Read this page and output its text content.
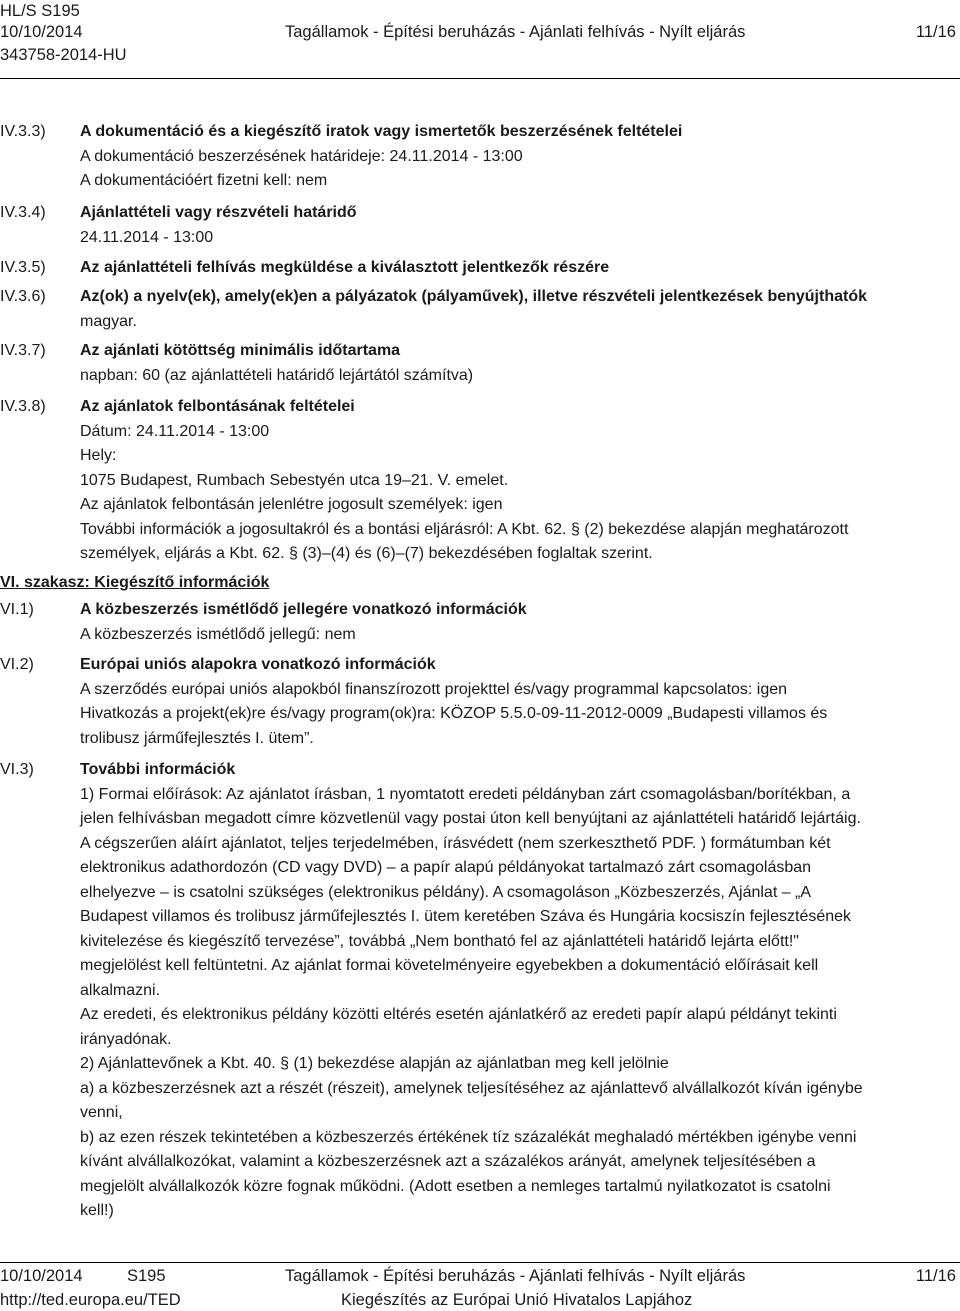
HL/S S195
10/10/2014	Tagállamok - Építési beruházás - Ajánlati felhívás - Nyílt eljárás	11/16
343758-2014-HU
IV.3.3) A dokumentáció és a kiegészítő iratok vagy ismertetők beszerzésének feltételei
A dokumentáció beszerzésének határideje: 24.11.2014 - 13:00
A dokumentációért fizetni kell: nem
IV.3.4) Ajánlattételi vagy részvételi határidő
24.11.2014 - 13:00
IV.3.5) Az ajánlattételi felhívás megküldése a kiválasztott jelentkezők részére
IV.3.6) Az(ok) a nyelv(ek), amely(ek)en a pályázatok (pályaművek), illetve részvételi jelentkezések benyújthatók
magyar.
IV.3.7) Az ajánlati kötöttség minimális időtartama
napban: 60 (az ajánlattételi határidő lejártától számítva)
IV.3.8) Az ajánlatok felbontásának feltételei
Dátum: 24.11.2014 - 13:00
Hely:
1075 Budapest, Rumbach Sebestyén utca 19–21. V. emelet.
Az ajánlatok felbontásán jelenlétre jogosult személyek: igen
További információk a jogosultakról és a bontási eljárásról: A Kbt. 62. § (2) bekezdése alapján meghatározott
személyek, eljárás a Kbt. 62. § (3)–(4) és (6)–(7) bekezdésében foglaltak szerint.
VI. szakasz: Kiegészítő információk
VI.1)	A közbeszerzés ismétlődő jellegére vonatkozó információk
A közbeszerzés ismétlődő jellegű: nem
VI.2)	Európai uniós alapokra vonatkozó információk
A szerződés európai uniós alapokból finanszírozott projekttel és/vagy programmal kapcsolatos: igen
Hivatkozás a projekt(ek)re és/vagy program(ok)ra: KÖZOP 5.5.0-09-11-2012-0009 „Budapesti villamos és
trolibusz járműfejlesztés I. ütem”.
VI.3)	További információk
1) Formai előírások: Az ajánlatot írásban, 1 nyomtatott eredeti példányban zárt csomagolásban/borítékban, a
jelen felhívásban megadott címre közvetlenül vagy postai úton kell benyújtani az ajánlattételi határidő lejártáig.
A cégszerűen aláírt ajánlatot, teljes terjedelmében, írásvédett (nem szerkeszthető PDF. ) formátumban két
elektronikus adathordozón (CD vagy DVD) – a papír alapú példányokat tartalmazó zárt csomagolásban
elhelyezve – is csatolni szükséges (elektronikus példány). A csomagoláson „Közbeszerzés, Ajánlat – „A
Budapest villamos és trolibusz járműfejlesztés I. ütem keretében Száva és Hungária kocsiszín fejlesztésének
kivitelezése és kiegészítő tervezése”, továbbá „Nem bontható fel az ajánlattételi határidő lejárta előtt!"
megjelölést kell feltüntetni. Az ajánlat formai követelményeire egyebekben a dokumentáció előírásait kell
alkalmazni.
Az eredeti, és elektronikus példány közötti eltérés esetén ajánlatkérő az eredeti papír alapú példányt tekinti
irányadónak.
2) Ajánlattevőnek a Kbt. 40. § (1) bekezdése alapján az ajánlatban meg kell jelölnie
a) a közbeszerzésnek azt a részét (részeit), amelynek teljesítéséhez az ajánlattevő alvállalkozót kíván igénybe
venni,
b) az ezen részek tekintetében a közbeszerzés értékének tíz százalékát meghaladó mértékben igénybe venni
kívánt alvállalkozókat, valamint a közbeszerzésnek azt a százalékos arányát, amelynek teljesítésében a
megjelölt alvállalkozók közre fognak működni. (Adott esetben a nemleges tartalmú nyilatkozatot is csatolni
kell!)
10/10/2014	S195	Tagállamok - Építési beruházás - Ajánlati felhívás - Nyílt eljárás	11/16
http://ted.europa.eu/TED	Kiegészítés az Európai Unió Hivatalos Lapjához
